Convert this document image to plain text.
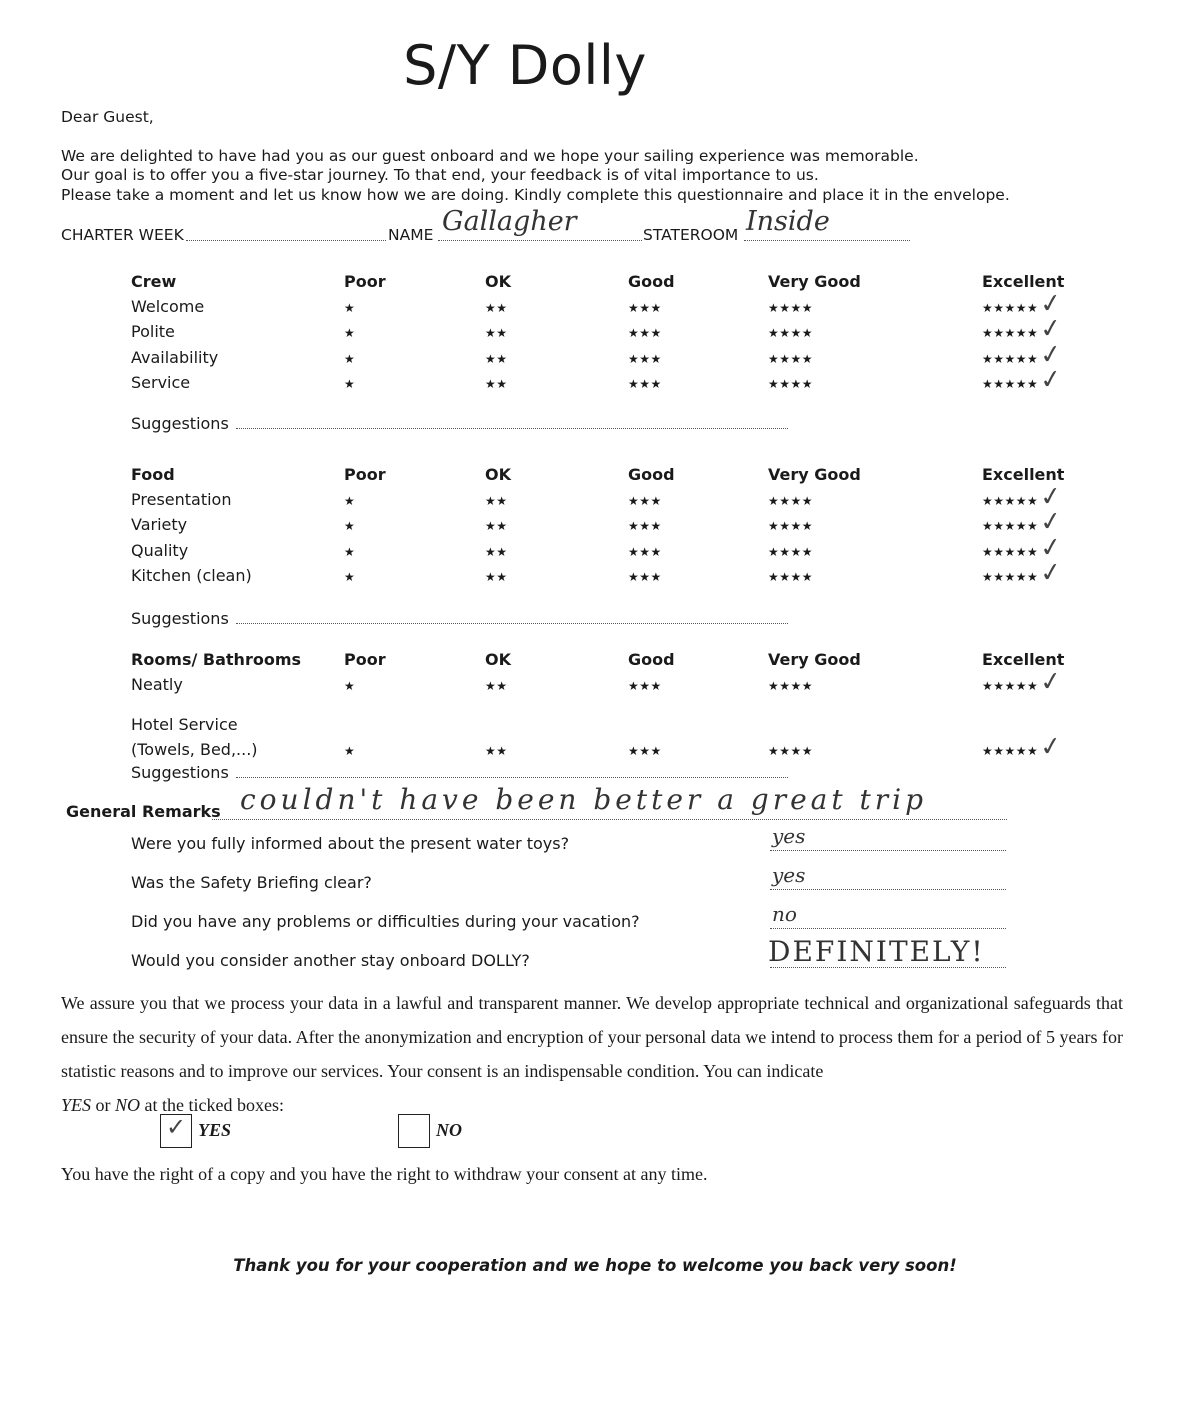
S/Y Dolly
Dear Guest,
We are delighted to have had you as our guest onboard and we hope your sailing experience was memorable.
Our goal is to offer you a five-star journey. To that end, your feedback is of vital importance to us.
Please take a moment and let us know how we are doing. Kindly complete this questionnaire and place it in the envelope.
CHARTER WEEK	NAME Gallagher	STATEROOM Inside
Crew	Poor	OK	Good	Very Good	Excellent
Welcome	★	★★	★★★	★★★★	★★★★★ ✓
Polite	★	★★	★★★	★★★★	★★★★★ ✓
Availability	★	★★	★★★	★★★★	★★★★★ ✓
Service	★	★★	★★★	★★★★	★★★★★ ✓
Suggestions
Food	Poor	OK	Good	Very Good	Excellent
Presentation	★	★★	★★★	★★★★	★★★★★ ✓
Variety	★	★★	★★★	★★★★	★★★★★ ✓
Quality	★	★★	★★★	★★★★	★★★★★ ✓
Kitchen (clean)	★	★★	★★★	★★★★	★★★★★ ✓
Suggestions
Rooms/ Bathrooms	Poor	OK	Good	Very Good	Excellent
Neatly	★	★★	★★★	★★★★	★★★★★ ✓
Hotel Service
(Towels, Bed,...)	★	★★	★★★	★★★★	★★★★★ ✓
Suggestions
General Remarks couldn't have been better a great trip
Were you fully informed about the present water toys?	yes
Was the Safety Briefing clear?	yes
Did you have any problems or difficulties during your vacation?	no
Would you consider another stay onboard DOLLY?	DEFINITELY!
We assure you that we process your data in a lawful and transparent manner. We develop appropriate technical and organizational safeguards that ensure the security of your data. After the anonymization and encryption of your personal data we intend to process them for a period of 5 years for statistic reasons and to improve our services. Your consent is an indispensable condition. You can indicate
YES or NO at the ticked boxes:
✓ YES	NO
You have the right of a copy and you have the right to withdraw your consent at any time.
Thank you for your cooperation and we hope to welcome you back very soon!
